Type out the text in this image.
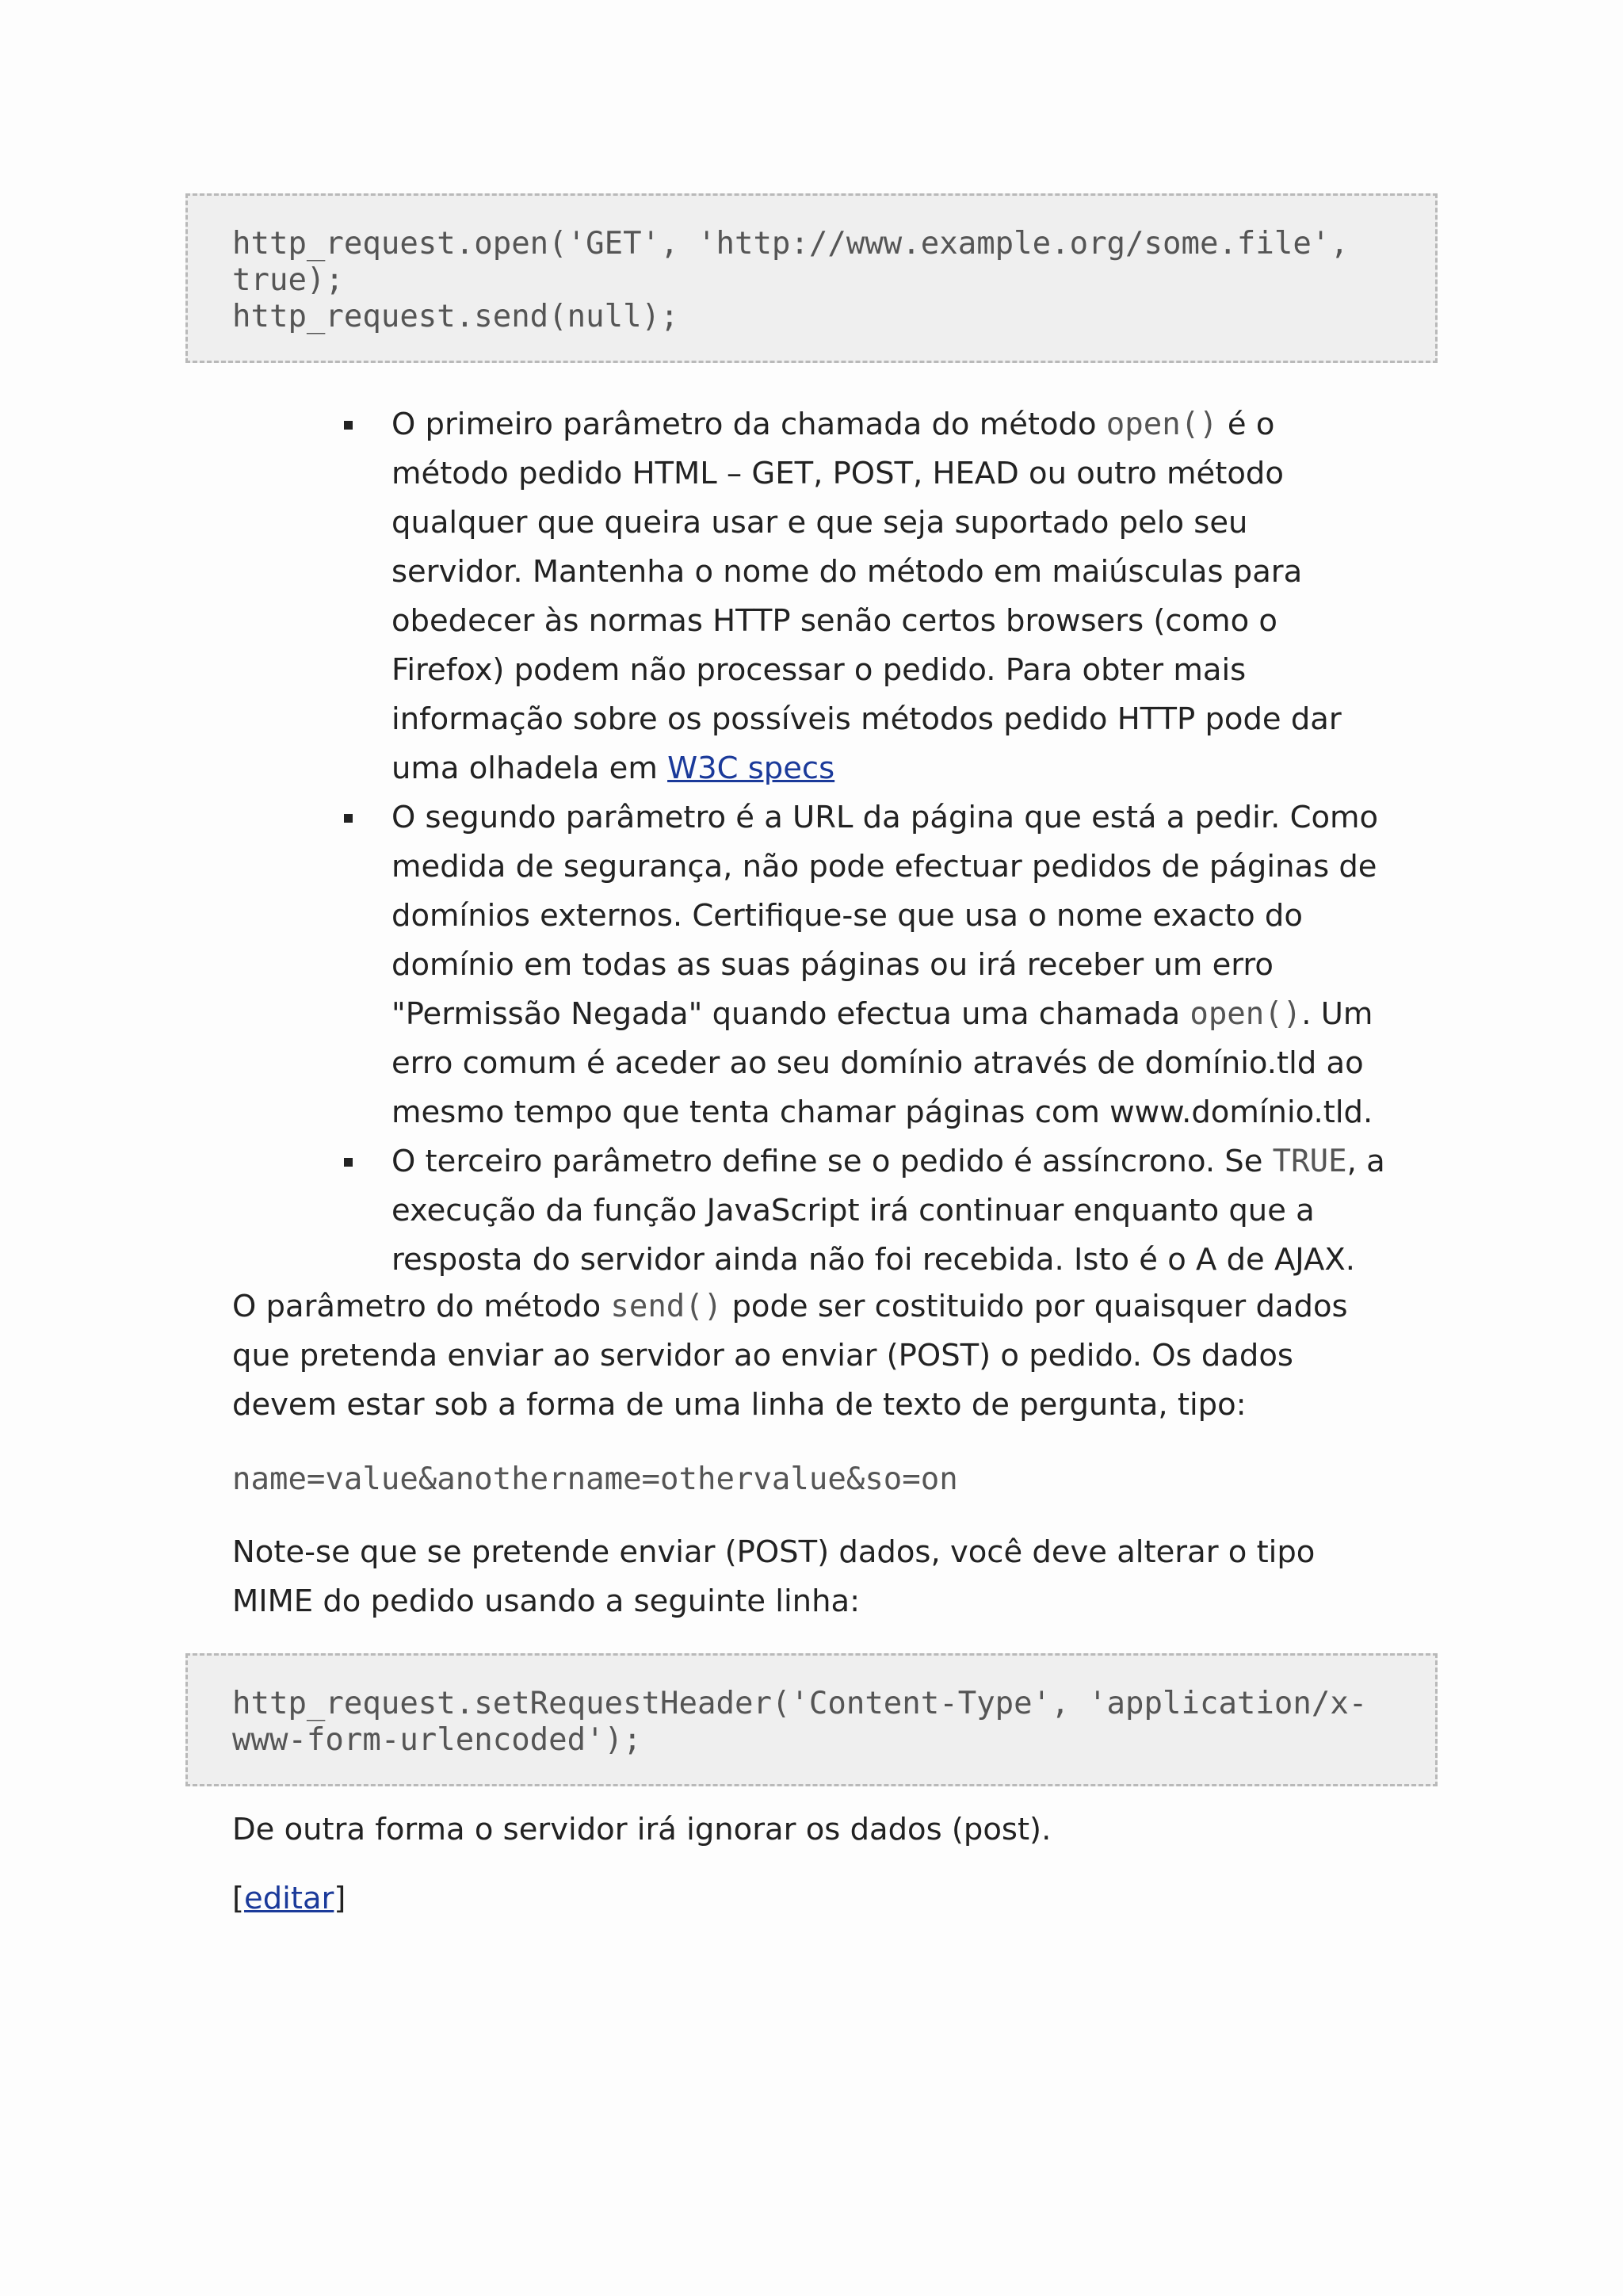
http_request.open('GET', 'http://www.example.org/some.file',
true);
http_request.send(null);
O primeiro parâmetro da chamada do método open() é o método pedido HTML – GET, POST, HEAD ou outro método qualquer que queira usar e que seja suportado pelo seu servidor. Mantenha o nome do método em maiúsculas para obedecer às normas HTTP senão certos browsers (como o Firefox) podem não processar o pedido. Para obter mais informação sobre os possíveis métodos pedido HTTP pode dar uma olhadela em W3C specs
O segundo parâmetro é a URL da página que está a pedir. Como medida de segurança, não pode efectuar pedidos de páginas de domínios externos. Certifique-se que usa o nome exacto do domínio em todas as suas páginas ou irá receber um erro "Permissão Negada" quando efectua uma chamada open(). Um erro comum é aceder ao seu domínio através de domínio.tld ao mesmo tempo que tenta chamar páginas com www.domínio.tld.
O terceiro parâmetro define se o pedido é assíncrono. Se TRUE, a execução da função JavaScript irá continuar enquanto que a resposta do servidor ainda não foi recebida. Isto é o A de AJAX.

O parâmetro do método send() pode ser costituido por quaisquer dados que pretenda enviar ao servidor ao enviar (POST) o pedido. Os dados devem estar sob a forma de uma linha de texto de pergunta, tipo:

name=value&anothername=othervalue&so=on

Note-se que se pretende enviar (POST) dados, você deve alterar o tipo MIME do pedido usando a seguinte linha:

http_request.setRequestHeader('Content-Type', 'application/x-
www-form-urlencoded');

De outra forma o servidor irá ignorar os dados (post).

[editar]
